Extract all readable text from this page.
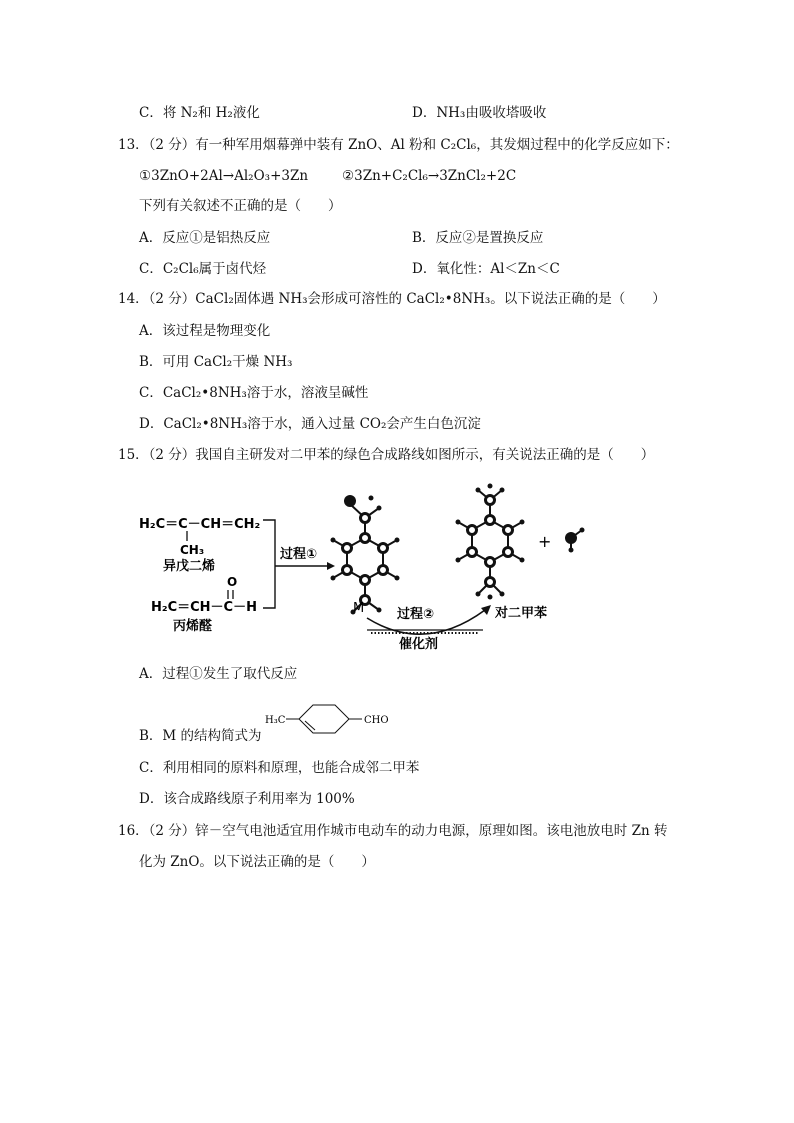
C．将 N₂和 H₂液化	D．NH₃由吸收塔吸收
13．（2 分）有一种军用烟幕弹中装有 ZnO、Al 粉和 C₂Cl₆，其发烟过程中的化学反应如下：
①3ZnO+2Al→Al₂O₃+3Zn	②3Zn+C₂Cl₆→3ZnCl₂+2C
下列有关叙述不正确的是（　　）
A．反应①是铝热反应	B．反应②是置换反应
C．C₂Cl₆属于卤代烃	D．氧化性：Al＜Zn＜C
14．（2 分）CaCl₂固体遇 NH₃会形成可溶性的 CaCl₂•8NH₃。以下说法正确的是（　　）
A．该过程是物理变化
B．可用 CaCl₂干燥 NH₃
C．CaCl₂•8NH₃溶于水，溶液呈碱性
D．CaCl₂•8NH₃溶于水，通入过量 CO₂会产生白色沉淀
15．（2 分）我国自主研发对二甲苯的绿色合成路线如图所示，有关说法正确的是（　　）
H₂C＝C－CH＝CH₂
CH₃
异戊二烯
O
H₂C＝CH－C－H
丙烯醛
过程①
+
M	过程②	对二甲苯
催化剂
A．过程①发生了取代反应
H₃C	CHO
B．M 的结构简式为
C．利用相同的原料和原理，也能合成邻二甲苯
D．该合成路线原子利用率为 100%
16．（2 分）锌－空气电池适宜用作城市电动车的动力电源，原理如图。该电池放电时 Zn 转
化为 ZnO。以下说法正确的是（　　）
